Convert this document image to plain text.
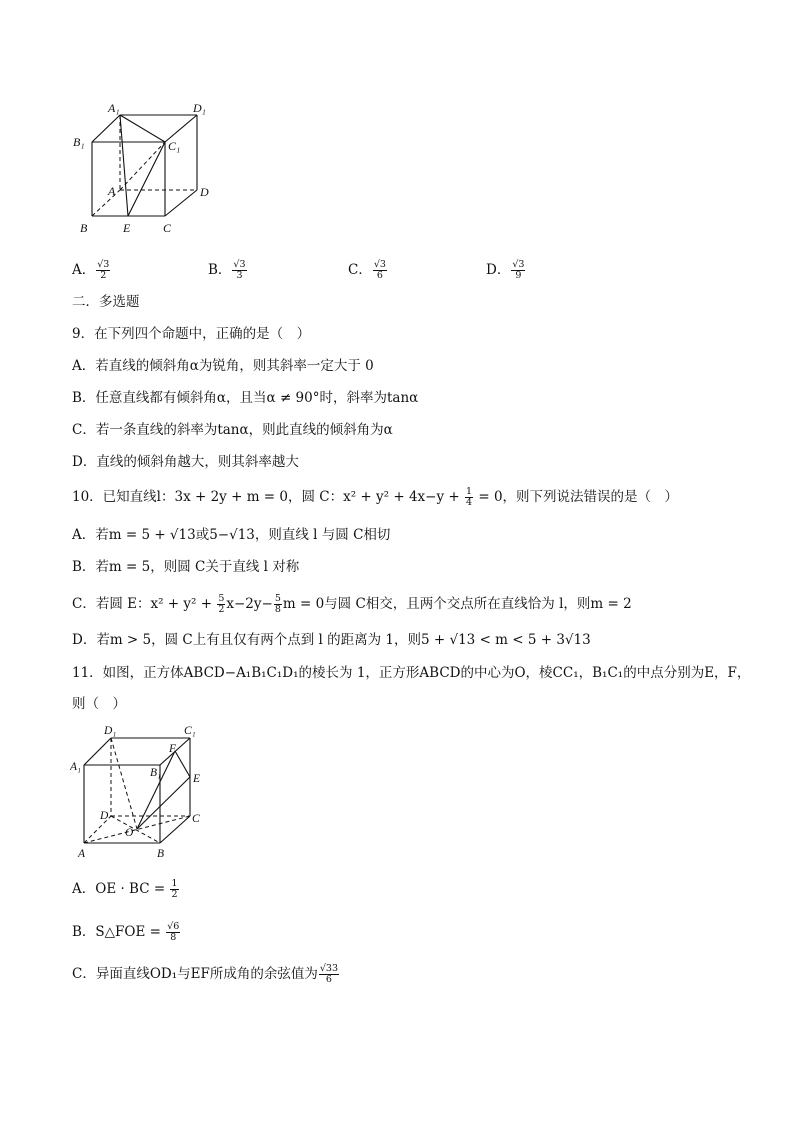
A₁	D₁
B₁	C₁
A	D
B	E	C
A． $\frac{√3}{2}$	B． $\frac{√3}{3}$	C． $\frac{√3}{6}$	D． $\frac{√3}{9}$
二．多选题
9．在下列四个命题中，正确的是（　）
A．若直线的倾斜角α为锐角，则其斜率一定大于 0
B．任意直线都有倾斜角α，且当α ≠ 90°时，斜率为tanα
C．若一条直线的斜率为tanα，则此直线的倾斜角为α
D．直线的倾斜角越大，则其斜率越大
10．已知直线l：3x + 2y + m = 0，圆 C：$x^2 + y^2 + 4x-y + \frac{1}{4} = 0$，则下列说法错误的是（　）
A．若m = 5 + √13或5−√13，则直线 l 与圆 C相切
B．若m = 5，则圆 C关于直线 l 对称
C．若圆 E：$x^2 + y^2 + \frac{5}{2} x-2y- \frac{5}{8}$ m = 0与圆 C相交，且两个交点所在直线恰为 l，则m = 2
D．若m > 5，圆 C上有且仅有两个点到 l 的距离为 1，则5 + √13 < m < 5 + 3√13
11．如图，正方体ABCD−A₁B₁C₁D₁的棱长为 1，正方形ABCD的中心为O，棱CC₁，B₁C₁的中点分别为E，F，
则（　）
D₁	C₁
F
A₁	B₁	E
D	C
O
A	B
A．OE · BC = $\frac{1}{2}$
B．S△FOE = $\frac{√6}{8}$
C．异面直线OD₁与EF所成角的余弦值为 $\frac{√33}{6}$
